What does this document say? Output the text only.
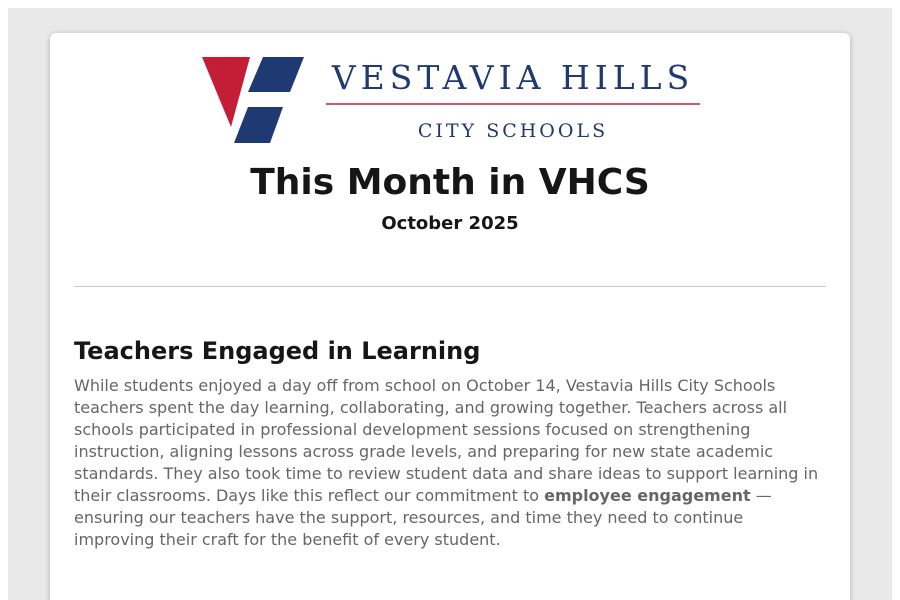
VESTAVIA HILLS
CITY SCHOOLS
This Month in VHCS
October 2025
Teachers Engaged in Learning

While students enjoyed a day off from school on October 14, Vestavia Hills City Schools teachers spent the day learning, collaborating, and growing together. Teachers across all schools participated in professional development sessions focused on strengthening instruction, aligning lessons across grade levels, and preparing for new state academic standards. They also took time to review student data and share ideas to support learning in their classrooms. Days like this reflect our commitment to employee engagement — ensuring our teachers have the support, resources, and time they need to continue improving their craft for the benefit of every student.
